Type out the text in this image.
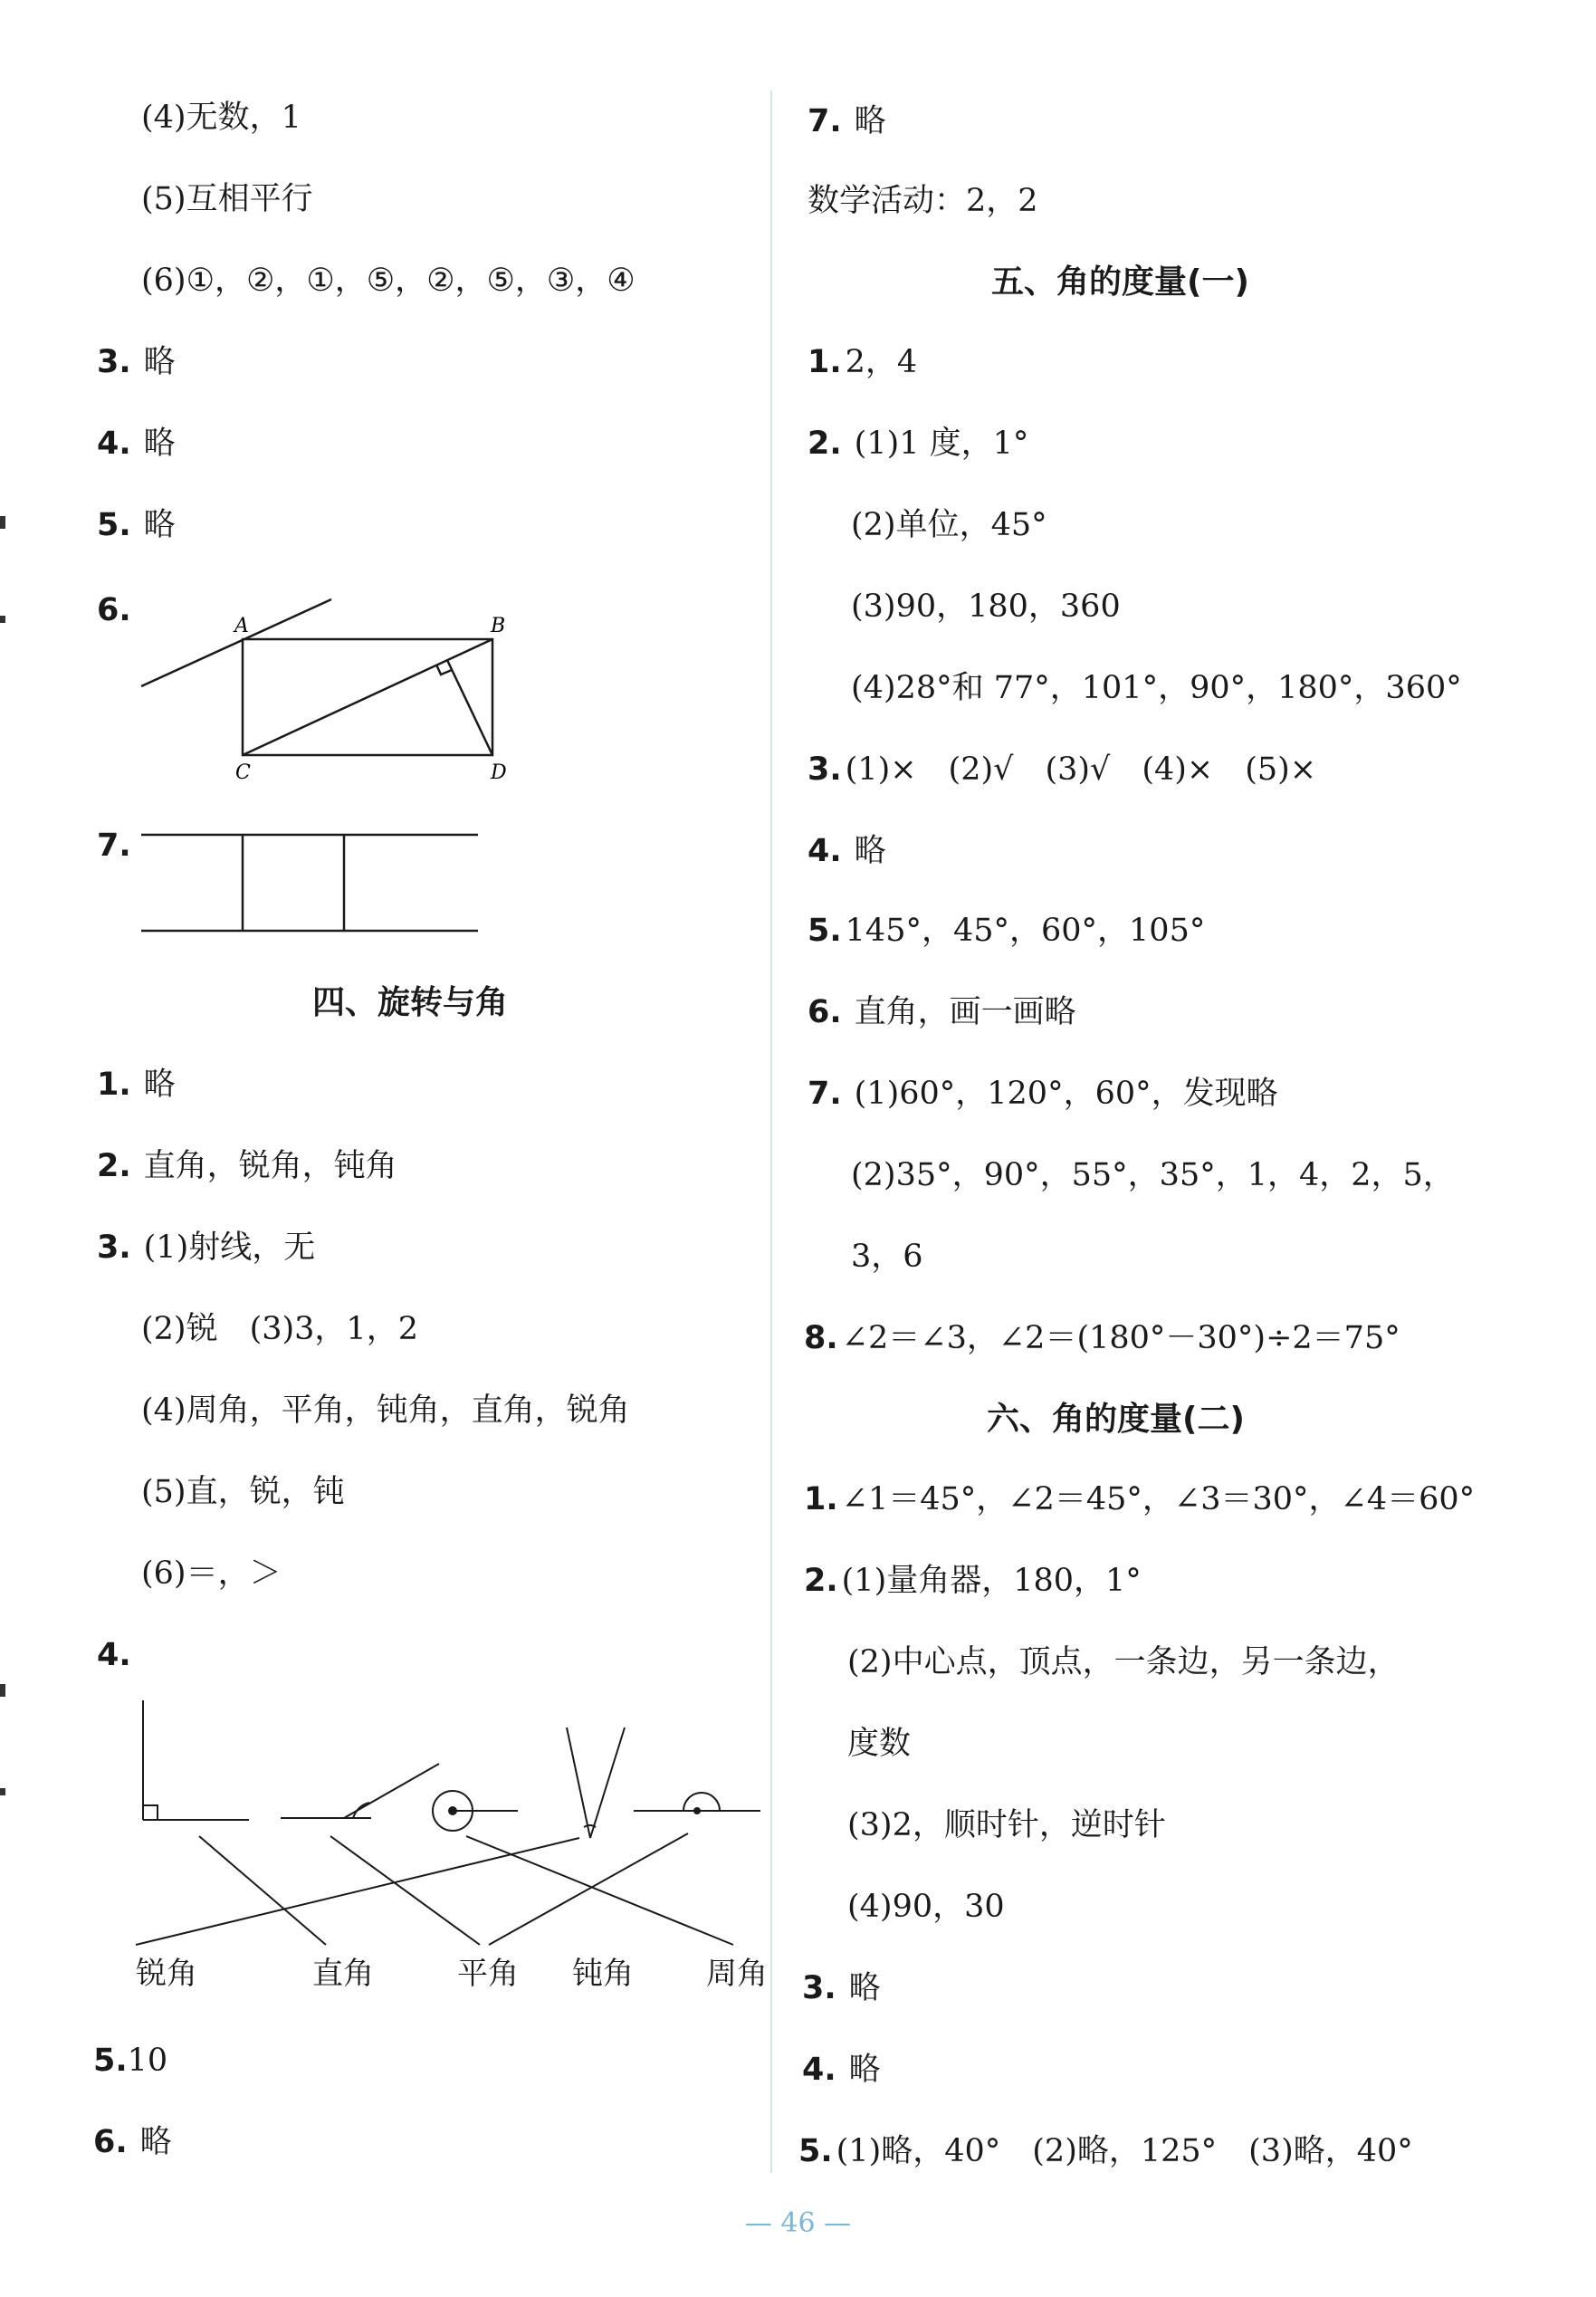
(4)无数，1
(5)互相平行
(6)①，②，①，⑤，②，⑤，③，④
3. 略
4. 略
5. 略
6.	A	B
C	D
7.
四、旋转与角
1. 略
2. 直角，锐角，钝角
3. (1)射线，无
(2)锐　(3)3，1，2
(4)周角，平角，钝角，直角，锐角
(5)直，锐，钝
(6)＝，＞
4.
锐角	直角	平角 钝角 周角
5.10
6. 略
7. 略
数学活动：2，2
五、角的度量(一)
1. 2，4
2. (1)1 度，1°
(2)单位，45°
(3)90，180，360
(4)28°和 77°，101°，90°，180°，360°
3. (1)×　(2)√　(3)√　(4)×　(5)×
4. 略
5. 145°，45°，60°，105°
6. 直角，画一画略
7. (1)60°，120°，60°，发现略
(2)35°，90°，55°，35°，1，4，2，5，
3，6
8. ∠2＝∠3，∠2＝(180°－30°)÷2＝75°
六、角的度量(二)
1. ∠1＝45°，∠2＝45°，∠3＝30°，∠4＝60°
2. (1)量角器，180，1°
(2)中心点，顶点，一条边，另一条边，
度数
(3)2，顺时针，逆时针
(4)90，30
3. 略
4. 略
5. (1)略，40°　(2)略，125°　(3)略，40°
— 46 —
